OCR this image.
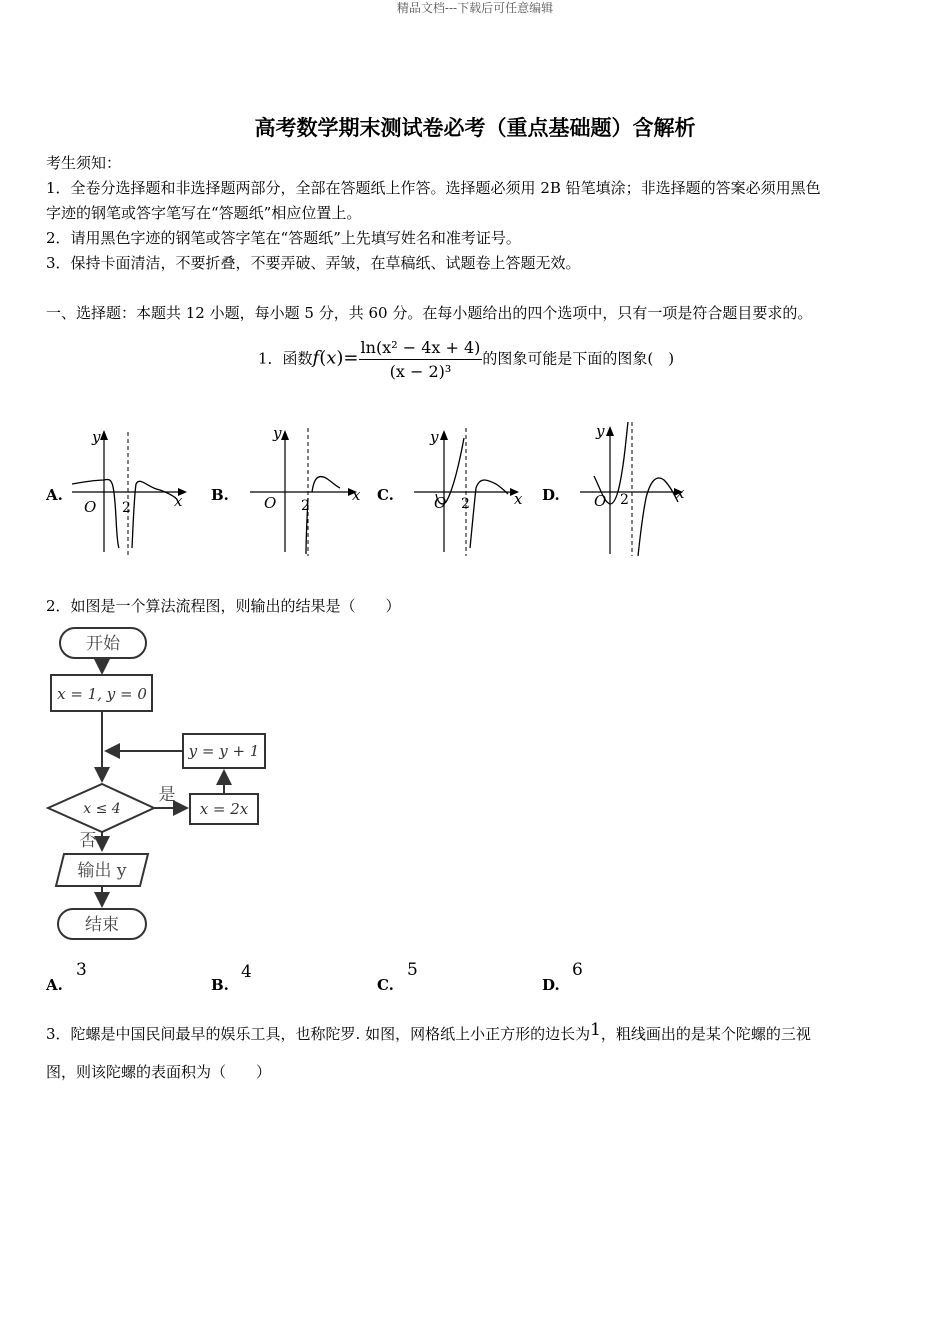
精品文档---下载后可任意编辑
高考数学期末测试卷必考（重点基础题）含解析
考生须知：
1．全卷分选择题和非选择题两部分，全部在答题纸上作答。选择题必须用 2B 铅笔填涂；非选择题的答案必须用黑色
字迹的钢笔或答字笔写在“答题纸”相应位置上。
2．请用黑色字迹的钢笔或答字笔在“答题纸”上先填写姓名和准考证号。
3．保持卡面清洁，不要折叠，不要弄破、弄皱，在草稿纸、试题卷上答题无效。
一、选择题：本题共 12 小题，每小题 5 分，共 60 分。在每小题给出的四个选项中，只有一项是符合题目要求的。
1．函数$f(x)= \frac{\text{ln(x² − 4x + 4)}}{\text{(x − 2)³}}$ 的图象可能是下面的图象(　)
A.	B.	C.	D.
y
x
O 2
y
x
O 2
y
x
O 2
y
x
O 2
2．如图是一个算法流程图，则输出的结果是（　　）
开始
x = 1, y = 0
y = y + 1
x ≤ 4
是
x = 2x
否
输出 y
结束
A.
3
B.
4
C.
5
D.
6
3．陀螺是中国民间最早的娱乐工具，也称陀罗. 如图，网格纸上小正方形的边长为1，粗线画出的是某个陀螺的三视
图，则该陀螺的表面积为（　　）
